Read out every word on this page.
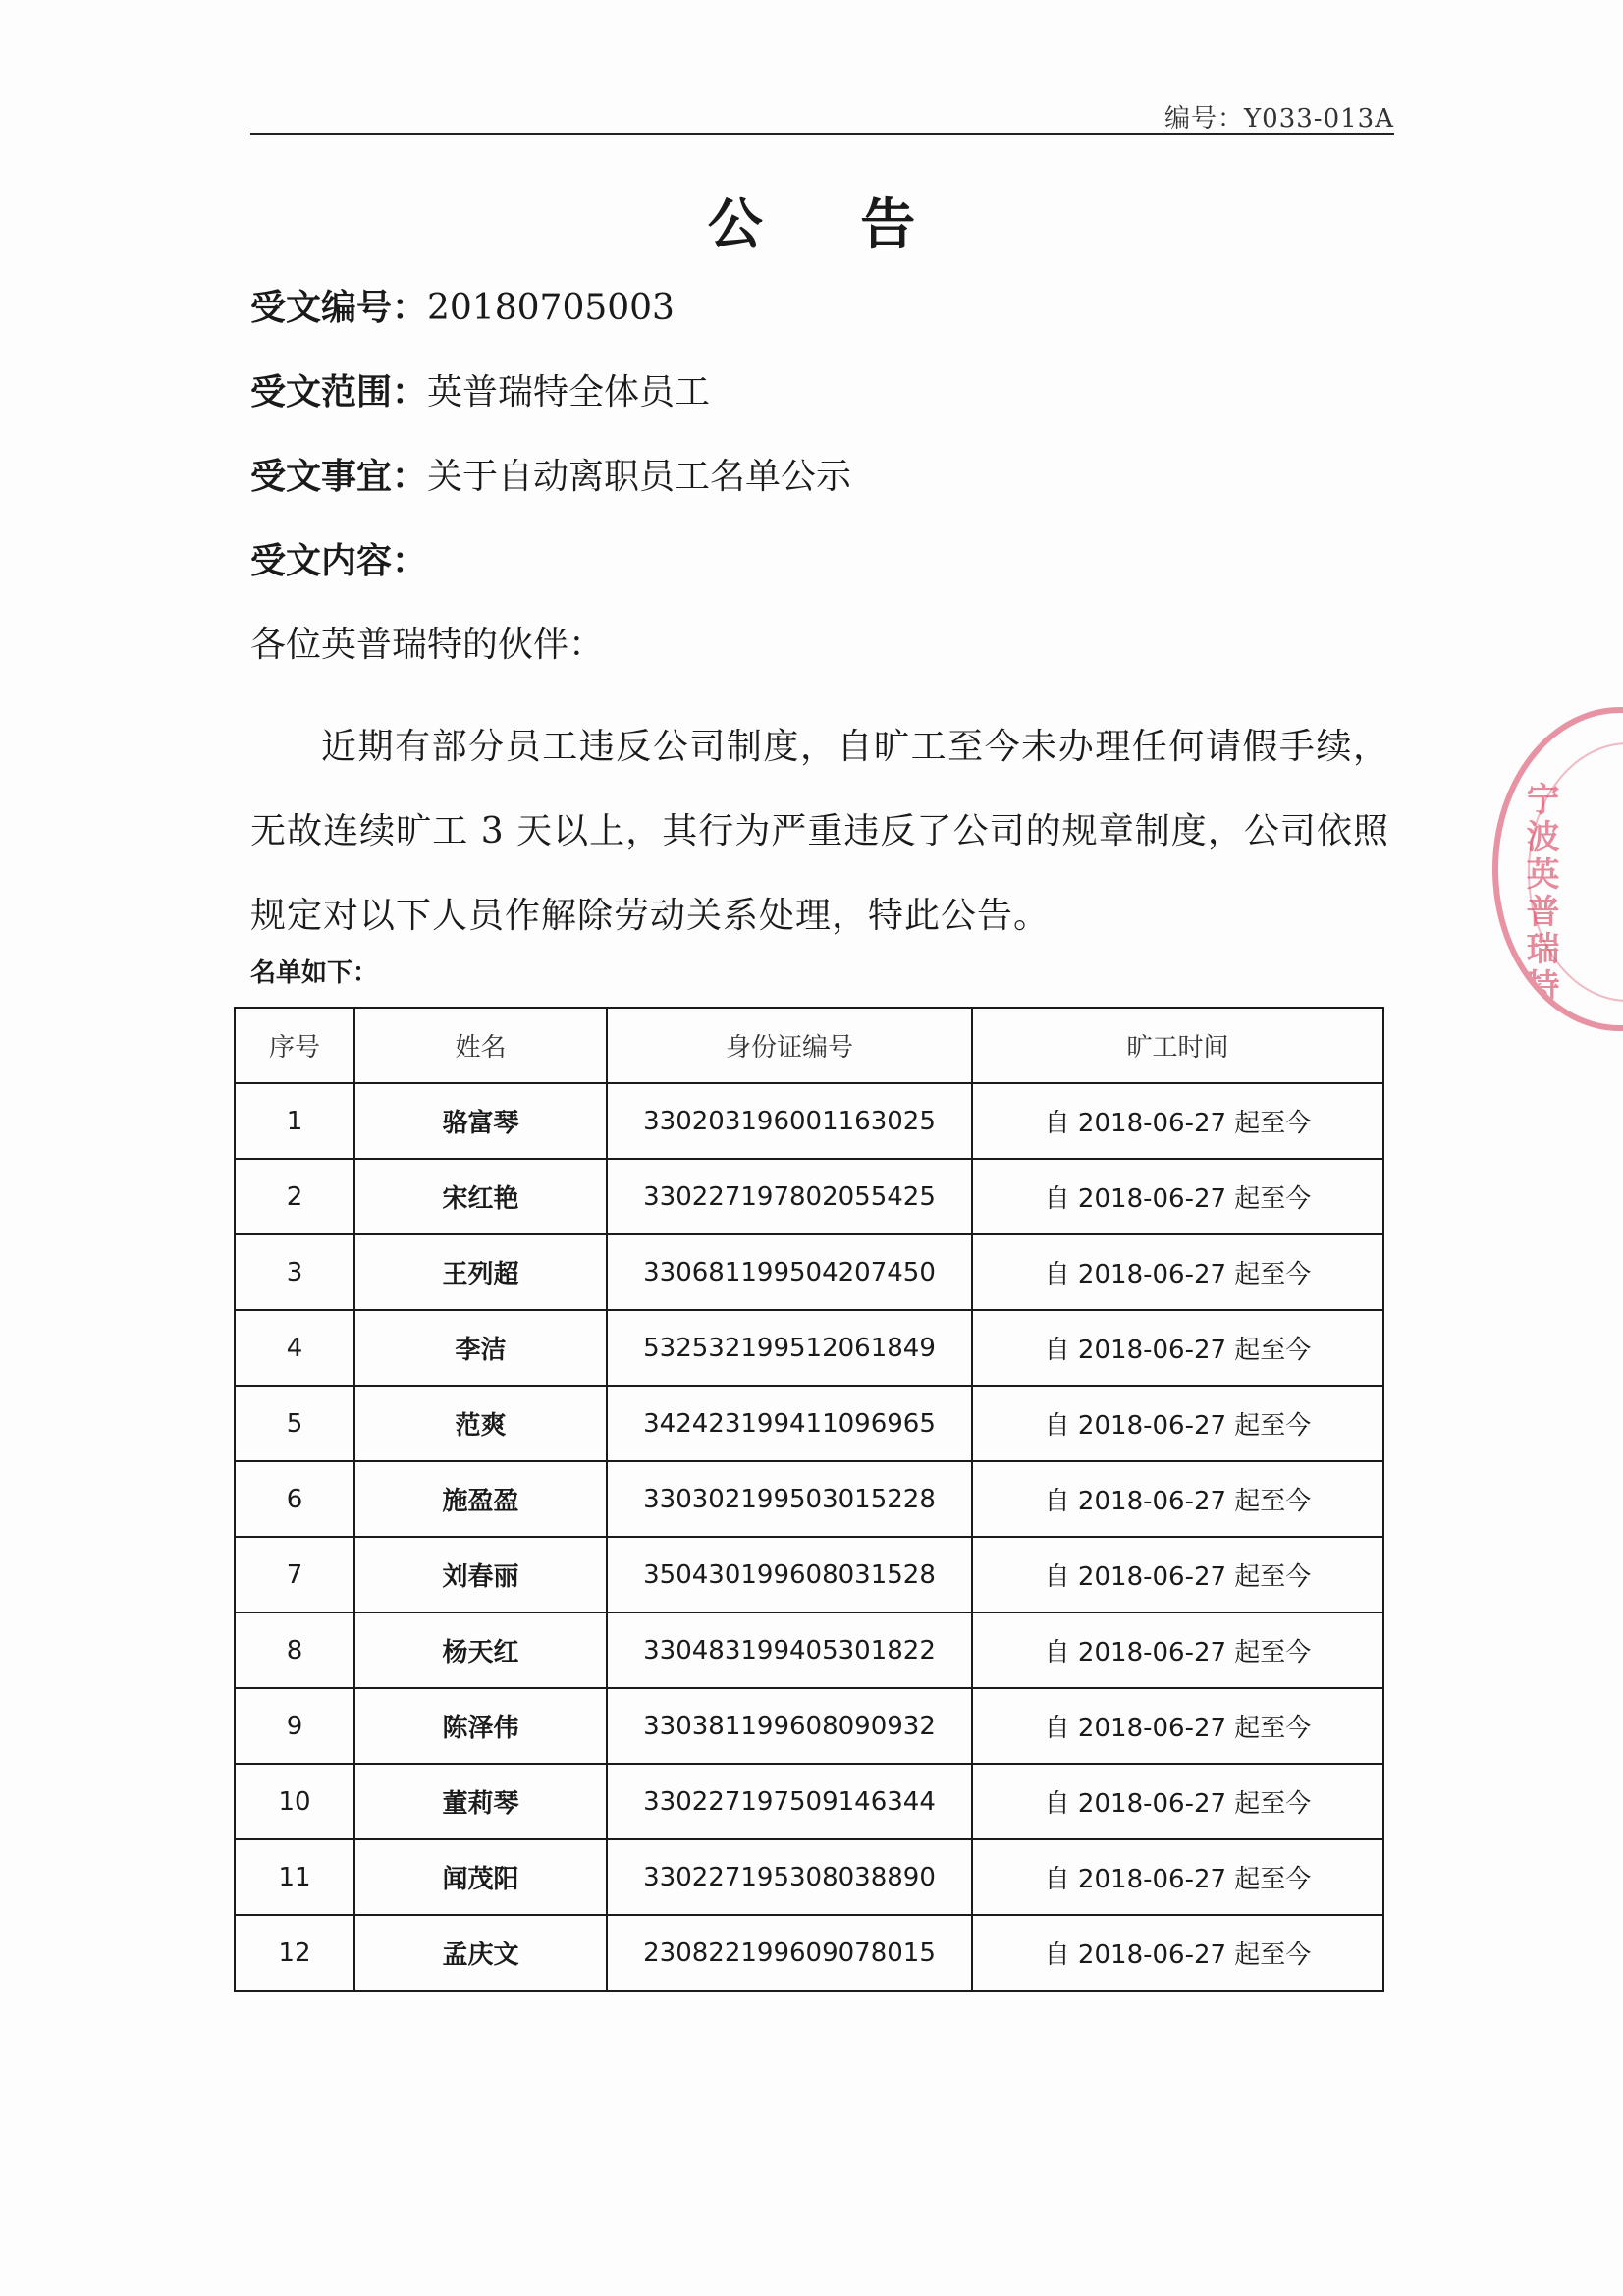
编号：Y033-013A
公 告
受文编号：20180705003
受文范围：英普瑞特全体员工
受文事宜：关于自动离职员工名单公示
受文内容：
各位英普瑞特的伙伴：
近期有部分员工违反公司制度，自旷工至今未办理任何请假手续，无故连续旷工 3 天以上，其行为严重违反了公司的规章制度，公司依照规定对以下人员作解除劳动关系处理，特此公告。
名单如下：
序号	姓名	身份证编号	旷工时间
1	骆富琴	330203196001163025	自 2018-06-27 起至今
2	宋红艳	330227197802055425	自 2018-06-27 起至今
3	王列超	330681199504207450	自 2018-06-27 起至今
4	李洁	532532199512061849	自 2018-06-27 起至今
5	范爽	342423199411096965	自 2018-06-27 起至今
6	施盈盈	330302199503015228	自 2018-06-27 起至今
7	刘春丽	350430199608031528	自 2018-06-27 起至今
8	杨天红	330483199405301822	自 2018-06-27 起至今
9	陈泽伟	330381199608090932	自 2018-06-27 起至今
10	董莉琴	330227197509146344	自 2018-06-27 起至今
11	闻茂阳	330227195308038890	自 2018-06-27 起至今
12	孟庆文	230822199609078015	自 2018-06-27 起至今
宁波英普瑞特
